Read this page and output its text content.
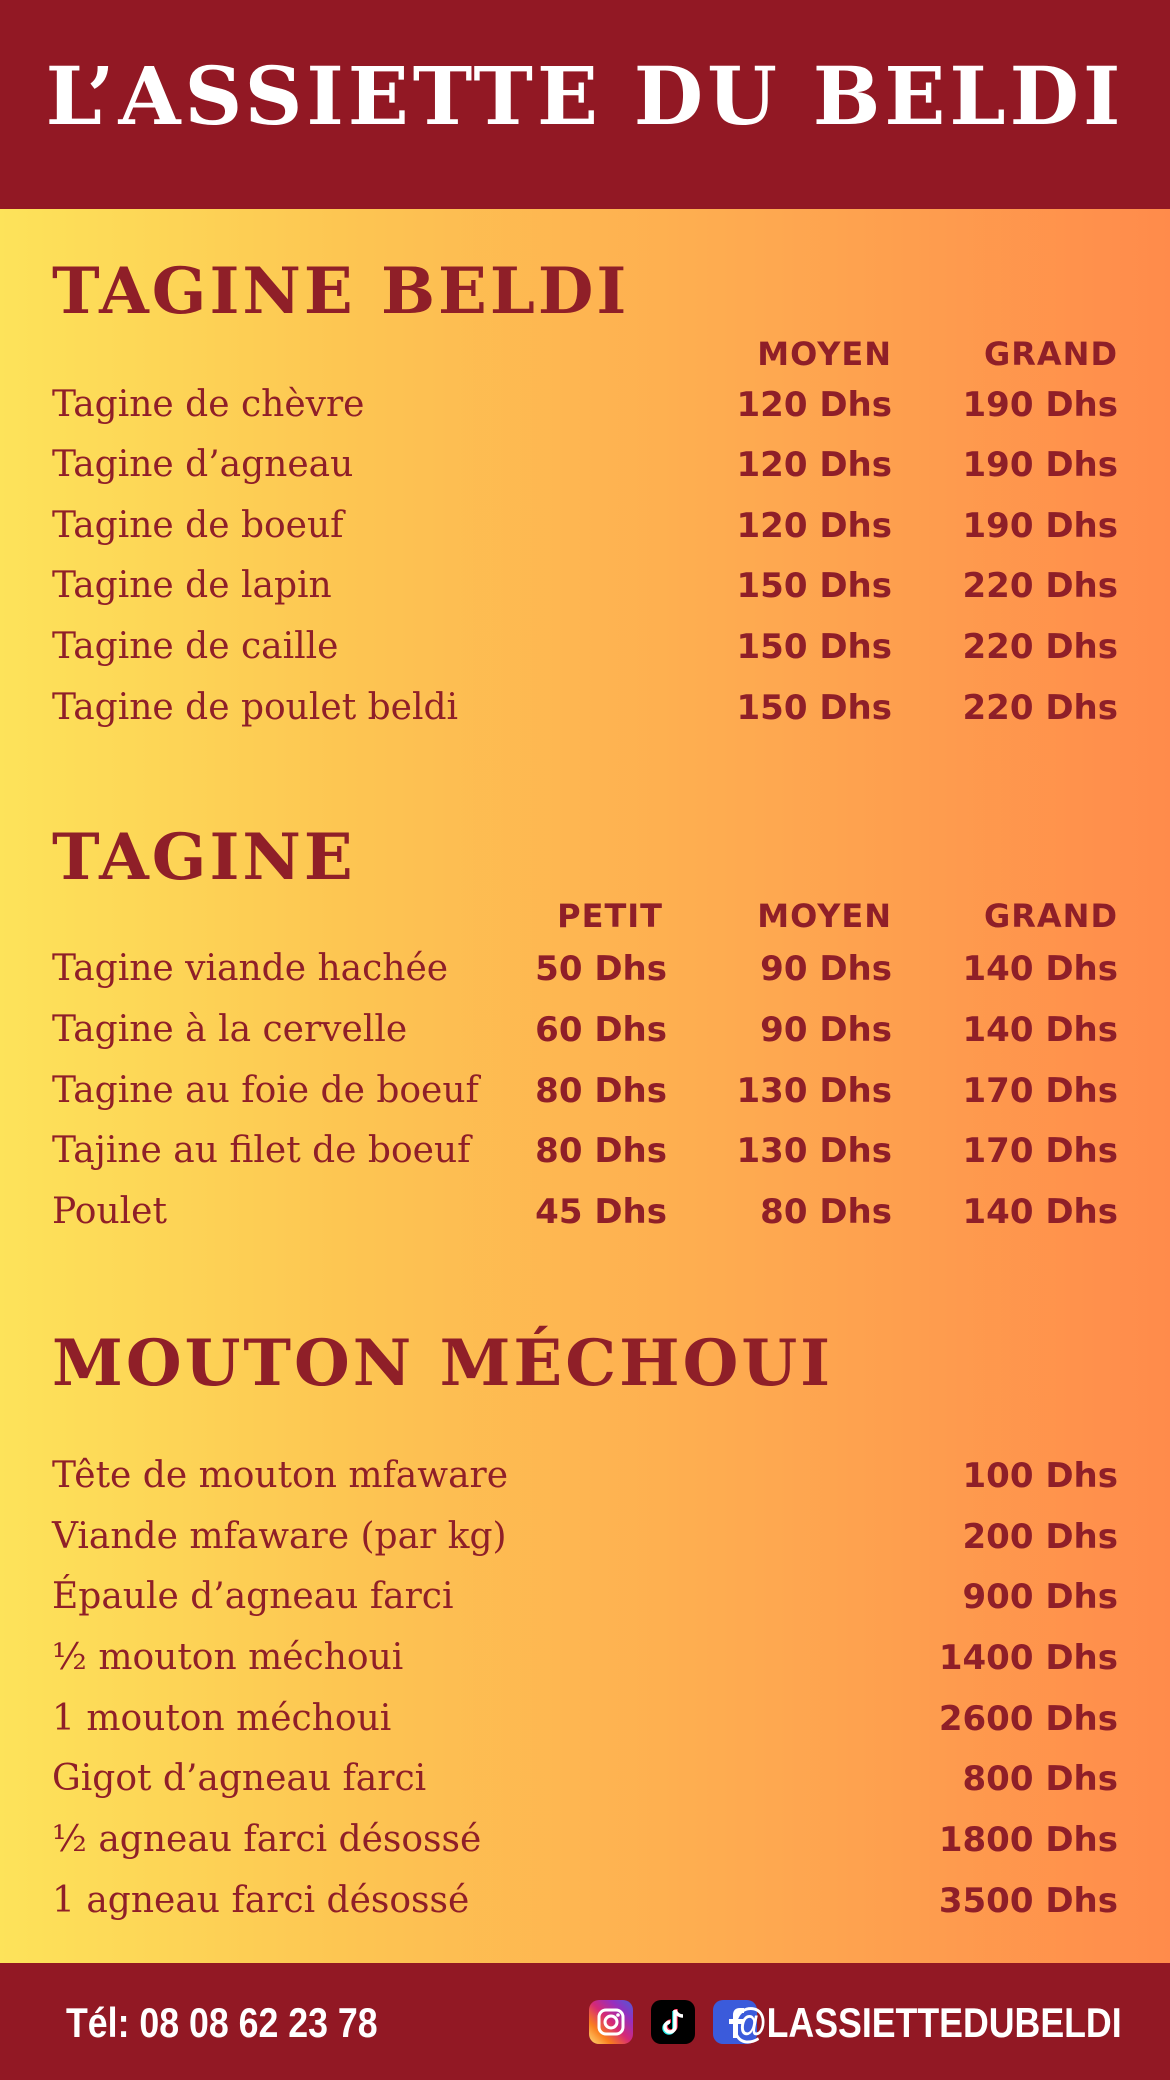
L’ASSIETTE DU BELDI
TAGINE BELDI
MOYEN	GRAND
Tagine de chèvre	120 Dhs 190 Dhs
Tagine d’agneau	120 Dhs 190 Dhs
Tagine de boeuf	120 Dhs 190 Dhs
Tagine de lapin	150 Dhs 220 Dhs
Tagine de caille	150 Dhs 220 Dhs
Tagine de poulet beldi	150 Dhs 220 Dhs
TAGINE
PETIT	MOYEN	GRAND
Tagine viande hachée	50 Dhs	90 Dhs 140 Dhs
Tagine à la cervelle	60 Dhs	90 Dhs 140 Dhs
Tagine au foie de boeuf 80 Dhs 130 Dhs 170 Dhs
Tajine au filet de boeuf 80 Dhs 130 Dhs 170 Dhs
Poulet	45 Dhs	80 Dhs 140 Dhs
MOUTON MÉCHOUI
Tête de mouton mfaware	100 Dhs
Viande mfaware (par kg)	200 Dhs
Épaule d’agneau farci	900 Dhs
½ mouton méchoui	1400 Dhs
1 mouton méchoui	2600 Dhs
Gigot d’agneau farci	800 Dhs
½ agneau farci désossé	1800 Dhs
1 agneau farci désossé	3500 Dhs
Tél: 08 08 62 23 78	@LASSIETTEDUBELDI
